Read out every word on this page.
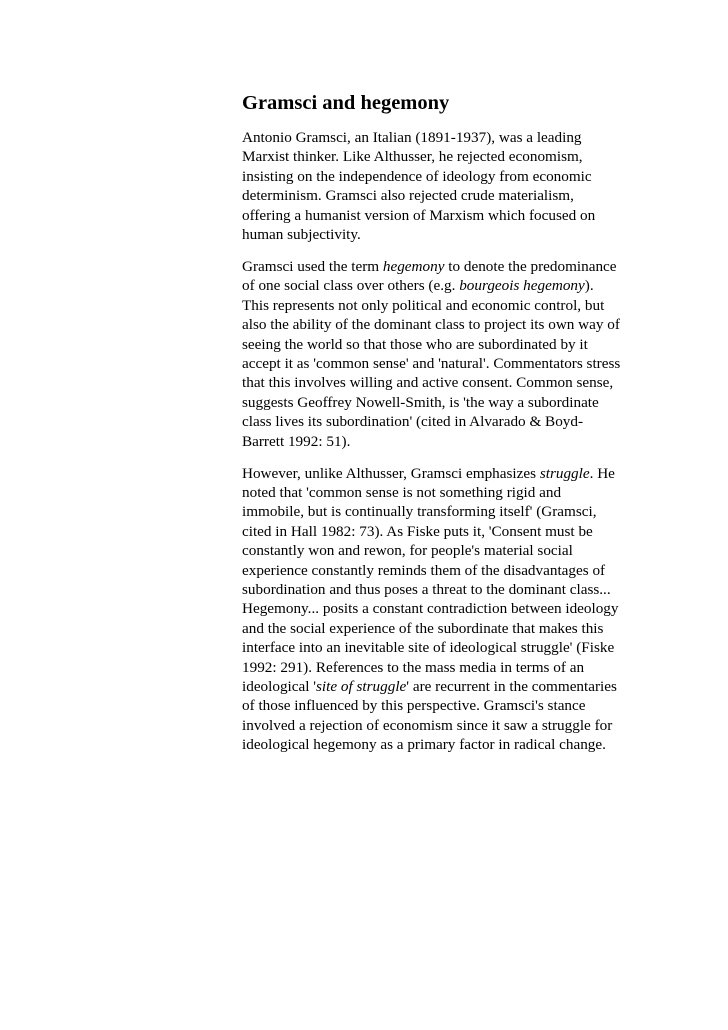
Gramsci and hegemony

Antonio Gramsci, an Italian (1891-1937), was a leading Marxist thinker. Like Althusser, he rejected economism, insisting on the independence of ideology from economic determinism. Gramsci also rejected crude materialism, offering a humanist version of Marxism which focused on human subjectivity.

Gramsci used the term hegemony to denote the predominance of one social class over others (e.g. bourgeois hegemony). This represents not only political and economic control, but also the ability of the dominant class to project its own way of seeing the world so that those who are subordinated by it accept it as 'common sense' and 'natural'. Commentators stress that this involves willing and active consent. Common sense, suggests Geoffrey Nowell-Smith, is 'the way a subordinate class lives its subordination' (cited in Alvarado & Boyd-Barrett 1992: 51).

However, unlike Althusser, Gramsci emphasizes struggle. He noted that 'common sense is not something rigid and immobile, but is continually transforming itself' (Gramsci, cited in Hall 1982: 73). As Fiske puts it, 'Consent must be constantly won and rewon, for people's material social experience constantly reminds them of the disadvantages of subordination and thus poses a threat to the dominant class... Hegemony... posits a constant contradiction between ideology and the social experience of the subordinate that makes this interface into an inevitable site of ideological struggle' (Fiske 1992: 291). References to the mass media in terms of an ideological 'site of struggle' are recurrent in the commentaries of those influenced by this perspective. Gramsci's stance involved a rejection of economism since it saw a struggle for ideological hegemony as a primary factor in radical change.
